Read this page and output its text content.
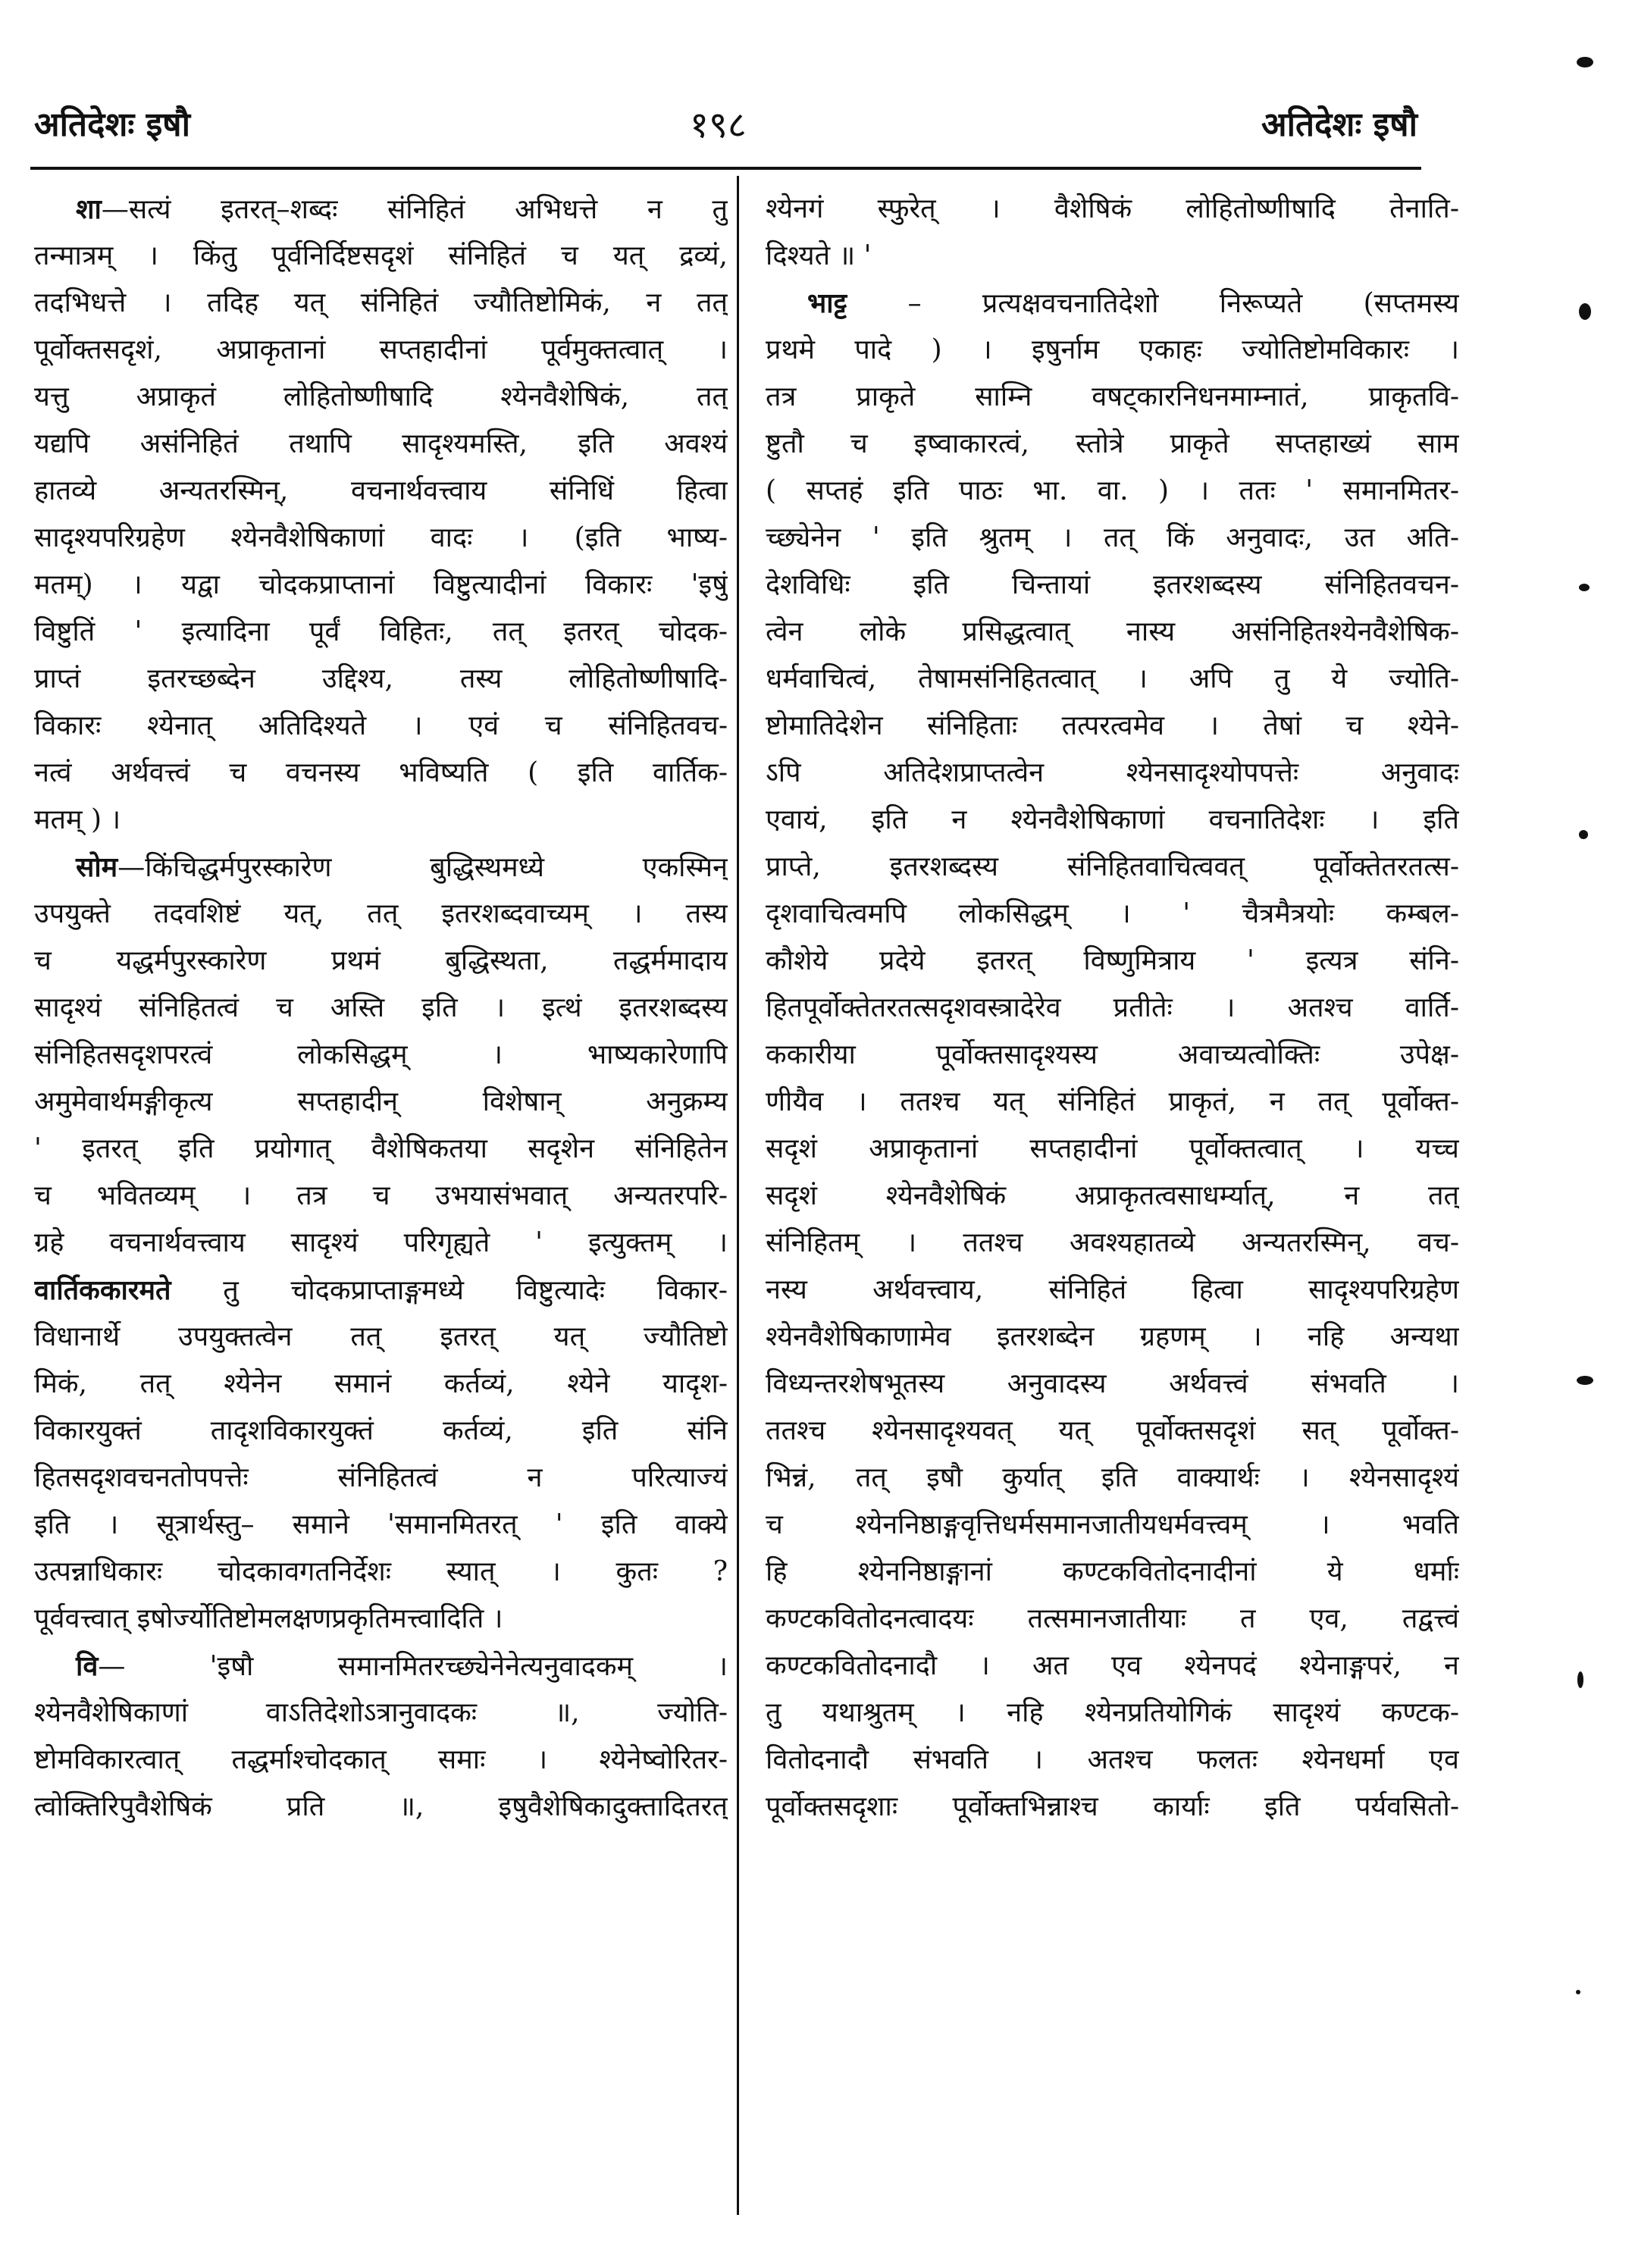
अतिदेशः इषौ	१९८	अतिदेशः इषौ
शा—सत्यं इतरत्–शब्दः संनिहितं अभिधत्ते न तु
तन्मात्रम् । किंतु पूर्वनिर्दिष्टसदृशं संनिहितं च यत् द्रव्यं,
तदभिधत्ते । तदिह यत् संनिहितं ज्यौतिष्टोमिकं, न तत्
पूर्वोक्तसदृशं, अप्राकृतानां सप्तहादीनां पूर्वमुक्तत्वात् ।
यत्तु अप्राकृतं लोहितोष्णीषादि श्येनवैशेषिकं, तत्
यद्यपि असंनिहितं तथापि सादृश्यमस्ति, इति अवश्यं
हातव्ये अन्यतरस्मिन्, वचनार्थवत्त्वाय संनिधिं हित्वा
सादृश्यपरिग्रहेण श्येनवैशेषिकाणां वादः । (इति भाष्य-
मतम्) । यद्वा चोदकप्राप्तानां विष्टुत्यादीनां विकारः 'इषुं
विष्टुतिं ' इत्यादिना पूर्वं विहितः, तत् इतरत् चोदक-
प्राप्तं इतरच्छब्देन उद्दिश्य, तस्य लोहितोष्णीषादि-
विकारः श्येनात् अतिदिश्यते । एवं च संनिहितवच-
नत्वं अर्थवत्त्वं च वचनस्य भविष्यति ( इति वार्तिक-
मतम् ) ।
सोम—किंचिद्धर्मपुरस्कारेण बुद्धिस्थमध्ये एकस्मिन्
उपयुक्ते तदवशिष्टं यत्, तत् इतरशब्दवाच्यम् । तस्य
च यद्धर्मपुरस्कारेण प्रथमं बुद्धिस्थता, तद्धर्ममादाय
सादृश्यं संनिहितत्वं च अस्ति इति । इत्थं इतरशब्दस्य
संनिहितसदृशपरत्वं लोकसिद्धम् । भाष्यकारेणापि
अमुमेवार्थमङ्गीकृत्य सप्तहादीन् विशेषान् अनुक्रम्य
' इतरत् इति प्रयोगात् वैशेषिकतया सदृशेन संनिहितेन
च भवितव्यम् । तत्र च उभयासंभवात् अन्यतरपरि-
ग्रहे वचनार्थवत्त्वाय सादृश्यं परिगृह्यते ' इत्युक्तम् ।
वार्तिककारमते तु चोदकप्राप्ताङ्गमध्ये विष्टुत्यादेः विकार-
विधानार्थे उपयुक्तत्वेन तत् इतरत् यत् ज्यौतिष्टो
मिकं, तत् श्येनेन समानं कर्तव्यं, श्येने यादृश-
विकारयुक्तं तादृशविकारयुक्तं कर्तव्यं, इति संनि
हितसदृशवचनतोपपत्तेः संनिहितत्वं न परित्याज्यं
इति । सूत्रार्थस्तु– समाने 'समानमितरत् ' इति वाक्ये
उत्पन्नाधिकारः चोदकावगतनिर्देशः स्यात् । कुतः ?
पूर्ववत्त्वात् इषोर्ज्योतिष्टोमलक्षणप्रकृतिमत्त्वादिति ।
वि— 'इषौ समानमितरच्छ्येनेनेत्यनुवादकम् ।
श्येनवैशेषिकाणां वाऽतिदेशोऽत्रानुवादकः ॥, ज्योति-
ष्टोमविकारत्वात् तद्धर्माश्चोदकात् समाः । श्येनेष्वोरितर-
त्वोक्तिरिपुवैशेषिकं प्रति ॥, इषुवैशेषिकादुक्तादितरत्
श्येनगं स्फुरेत् । वैशेषिकं लोहितोष्णीषादि तेनाति-
दिश्यते ॥ '
भाट्ट – प्रत्यक्षवचनातिदेशो निरूप्यते (सप्तमस्य
प्रथमे पादे ) । इषुर्नाम एकाहः ज्योतिष्टोमविकारः ।
तत्र प्राकृते साम्नि वषट्कारनिधनमाम्नातं, प्राकृतवि-
ष्टुतौ च इष्वाकारत्वं, स्तोत्रे प्राकृते सप्तहाख्यं साम
( सप्तहं इति पाठः भा. वा. ) । ततः ' समानमितर-
च्छ्येनेन ' इति श्रुतम् । तत् किं अनुवादः, उत अति-
देशविधिः इति चिन्तायां इतरशब्दस्य संनिहितवचन-
त्वेन लोके प्रसिद्धत्वात् नास्य असंनिहितश्येनवैशेषिक-
धर्मवाचित्वं, तेषामसंनिहितत्वात् । अपि तु ये ज्योति-
ष्टोमातिदेशेन संनिहिताः तत्परत्वमेव । तेषां च श्येने-
ऽपि अतिदेशप्राप्तत्वेन श्येनसादृश्योपपत्तेः अनुवादः
एवायं, इति न श्येनवैशेषिकाणां वचनातिदेशः । इति
प्राप्ते, इतरशब्दस्य संनिहितवाचित्ववत् पूर्वोक्तेतरतत्स-
दृशवाचित्वमपि लोकसिद्धम् । ' चैत्रमैत्रयोः कम्बल-
कौशेये प्रदेये इतरत् विष्णुमित्राय ' इत्यत्र संनि-
हितपूर्वोक्तेतरतत्सदृशवस्त्रादेरेव प्रतीतेः । अतश्च वार्ति-
ककारीया पूर्वोक्तसादृश्यस्य अवाच्यत्वोक्तिः उपेक्ष-
णीयैव । ततश्च यत् संनिहितं प्राकृतं, न तत् पूर्वोक्त-
सदृशं अप्राकृतानां सप्तहादीनां पूर्वोक्तत्वात् । यच्च
सदृशं श्येनवैशेषिकं अप्राकृतत्वसाधर्म्यात्, न तत्
संनिहितम् । ततश्च अवश्यहातव्ये अन्यतरस्मिन्, वच-
नस्य अर्थवत्त्वाय, संनिहितं हित्वा सादृश्यपरिग्रहेण
श्येनवैशेषिकाणामेव इतरशब्देन ग्रहणम् । नहि अन्यथा
विध्यन्तरशेषभूतस्य अनुवादस्य अर्थवत्त्वं संभवति ।
ततश्च श्येनसादृश्यवत् यत् पूर्वोक्तसदृशं सत् पूर्वोक्त-
भिन्नं, तत् इषौ कुर्यात् इति वाक्यार्थः । श्येनसादृश्यं
च श्येननिष्ठाङ्गवृत्तिधर्मसमानजातीयधर्मवत्त्वम् । भवति
हि श्येननिष्ठाङ्गानां कण्टकवितोदनादीनां ये धर्माः
कण्टकवितोदनत्वादयः तत्समानजातीयाः त एव, तद्वत्त्वं
कण्टकवितोदनादौ । अत एव श्येनपदं श्येनाङ्गपरं, न
तु यथाश्रुतम् । नहि श्येनप्रतियोगिकं सादृश्यं कण्टक-
वितोदनादौ संभवति । अतश्च फलतः श्येनधर्मा एव
पूर्वोक्तसदृशाः पूर्वोक्तभिन्नाश्च कार्याः इति पर्यवसितो-
